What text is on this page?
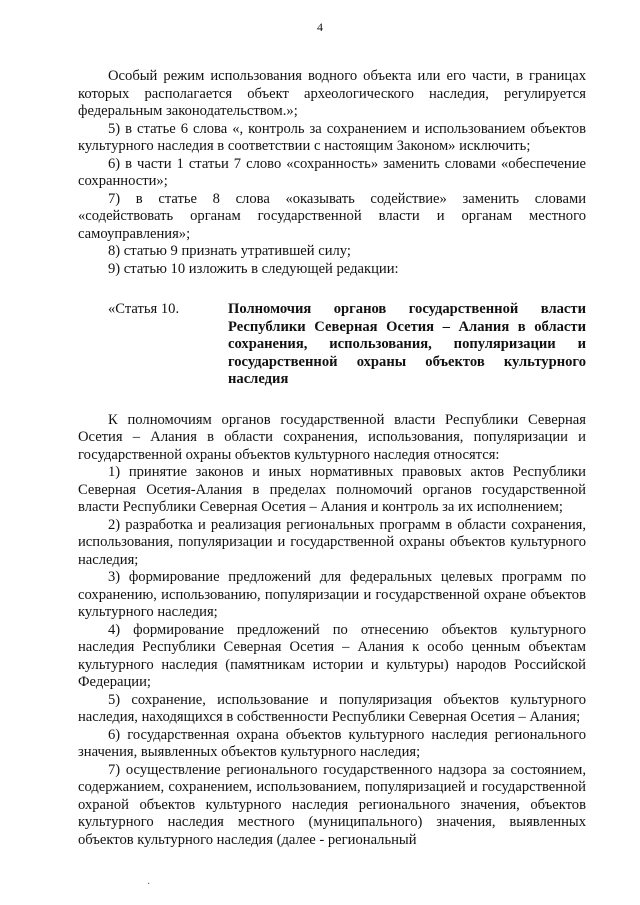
4

Особый режим использования водного объекта или его части, в границах которых располагается объект археологического наследия, регулируется федеральным законодательством.»;

5) в статье 6 слова «, контроль за сохранением и использованием объектов культурного наследия в соответствии с настоящим Законом» исключить;

6) в части 1 статьи 7 слово «сохранность» заменить словами «обеспечение сохранности»;

7) в статье 8 слова «оказывать содействие» заменить словами «содействовать органам государственной власти и органам местного самоуправления»;

8) статью 9 признать утратившей силу;

9) статью 10 изложить в следующей редакции:

«Статья 10.	Полномочия органов государственной власти Республики Северная Осетия – Алания в области сохранения, использования, популяризации и государственной охраны объектов культурного наследия

К полномочиям органов государственной власти Республики Северная Осетия – Алания в области сохранения, использования, популяризации и государственной охраны объектов культурного наследия относятся:

1) принятие законов и иных нормативных правовых актов Республики Северная Осетия-Алания в пределах полномочий органов государственной власти Республики Северная Осетия – Алания и контроль за их исполнением;

2) разработка и реализация региональных программ в области сохранения, использования, популяризации и государственной охраны объектов культурного наследия;

3) формирование предложений для федеральных целевых программ по сохранению, использованию, популяризации и государственной охране объектов культурного наследия;

4) формирование предложений по отнесению объектов культурного наследия Республики Северная Осетия – Алания к особо ценным объектам культурного наследия (памятникам истории и культуры) народов Российской Федерации;

5) сохранение, использование и популяризация объектов культурного наследия, находящихся в собственности Республики Северная Осетия – Алания;

6) государственная охрана объектов культурного наследия регионального значения, выявленных объектов культурного наследия;

7) осуществление регионального государственного надзора за состоянием, содержанием, сохранением, использованием, популяризацией и государственной охраной объектов культурного наследия регионального значения, объектов культурного наследия местного (муниципального) значения, выявленных объектов культурного наследия (далее - региональный

·
